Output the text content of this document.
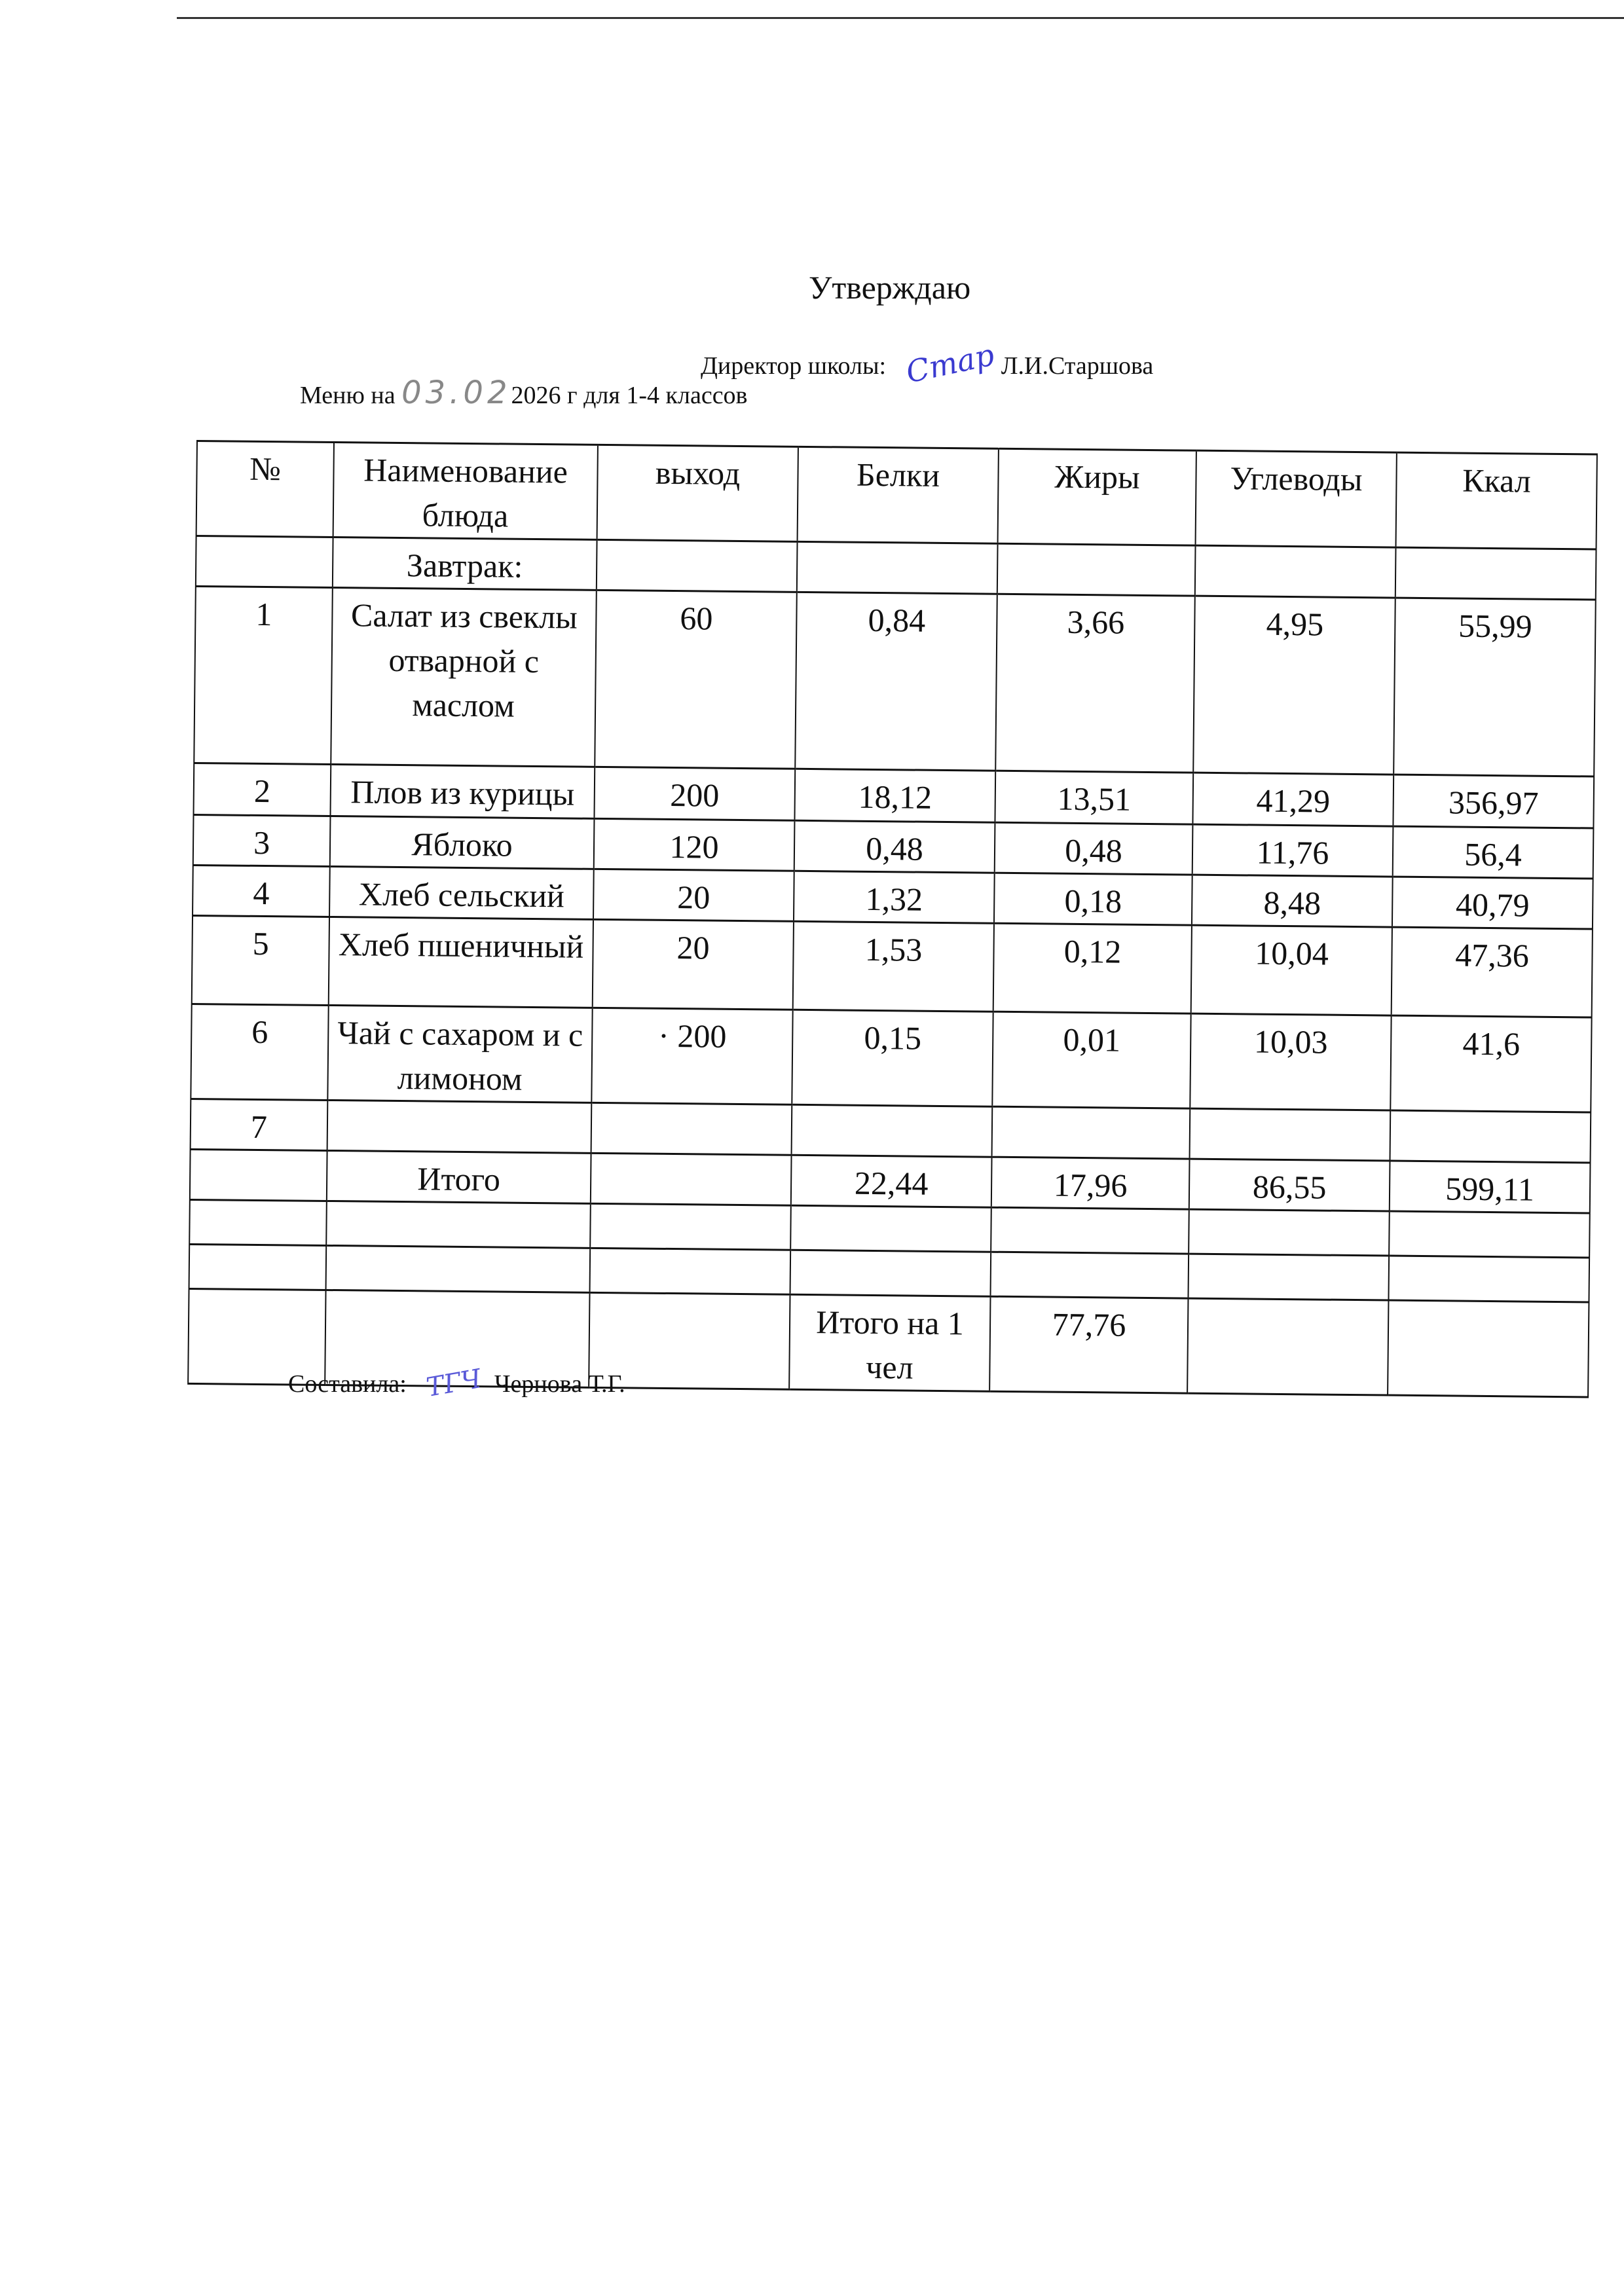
Утверждаю
Директор школы: Стар Л.И.Старшова
Меню на 03.022026 г для 1-4 классов
№	Наименование блюда	выход	Белки	Жиры	Углеводы	Ккал
	Завтрак:					
1	Салат из свеклы отварной с маслом	60	0,84	3,66	4,95	55,99
2	Плов из курицы	200	18,12	13,51	41,29	356,97
3	Яблоко	120	0,48	0,48	11,76	56,4
4	Хлеб сельский	20	1,32	0,18	8,48	40,79
5	Хлеб пшеничный	20	1,53	0,12	10,04	47,36
6	Чай с сахаром и с лимоном	· 200	0,15	0,01	10,03	41,6
7						
	Итого		22,44	17,96	86,55	599,11

			Итого на 1 чел	77,76		
Составила: ТГЧ Чернова Т.Г.
